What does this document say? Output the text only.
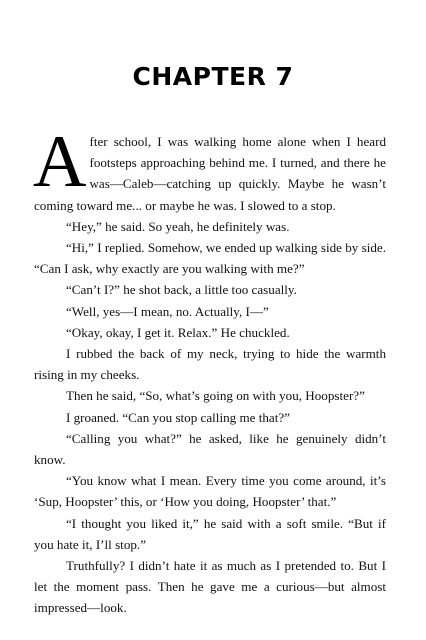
CHAPTER 7

After school, I was walking home alone when I heard footsteps approaching behind me. I turned, and there he was—Caleb—catching up quickly. Maybe he wasn’t coming toward me... or maybe he was. I slowed to a stop.

“Hey,” he said. So yeah, he definitely was.

“Hi,” I replied. Somehow, we ended up walking side by side. “Can I ask, why exactly are you walking with me?”

“Can’t I?” he shot back, a little too casually.

“Well, yes—I mean, no. Actually, I—”

“Okay, okay, I get it. Relax.” He chuckled.

I rubbed the back of my neck, trying to hide the warmth rising in my cheeks.

Then he said, “So, what’s going on with you, Hoopster?”

I groaned. “Can you stop calling me that?”

“Calling you what?” he asked, like he genuinely didn’t know.

“You know what I mean. Every time you come around, it’s ‘Sup, Hoopster’ this, or ‘How you doing, Hoopster’ that.”

“I thought you liked it,” he said with a soft smile. “But if you hate it, I’ll stop.”

Truthfully? I didn’t hate it as much as I pretended to. But I let the moment pass. Then he gave me a curious—but almost impressed—look.
